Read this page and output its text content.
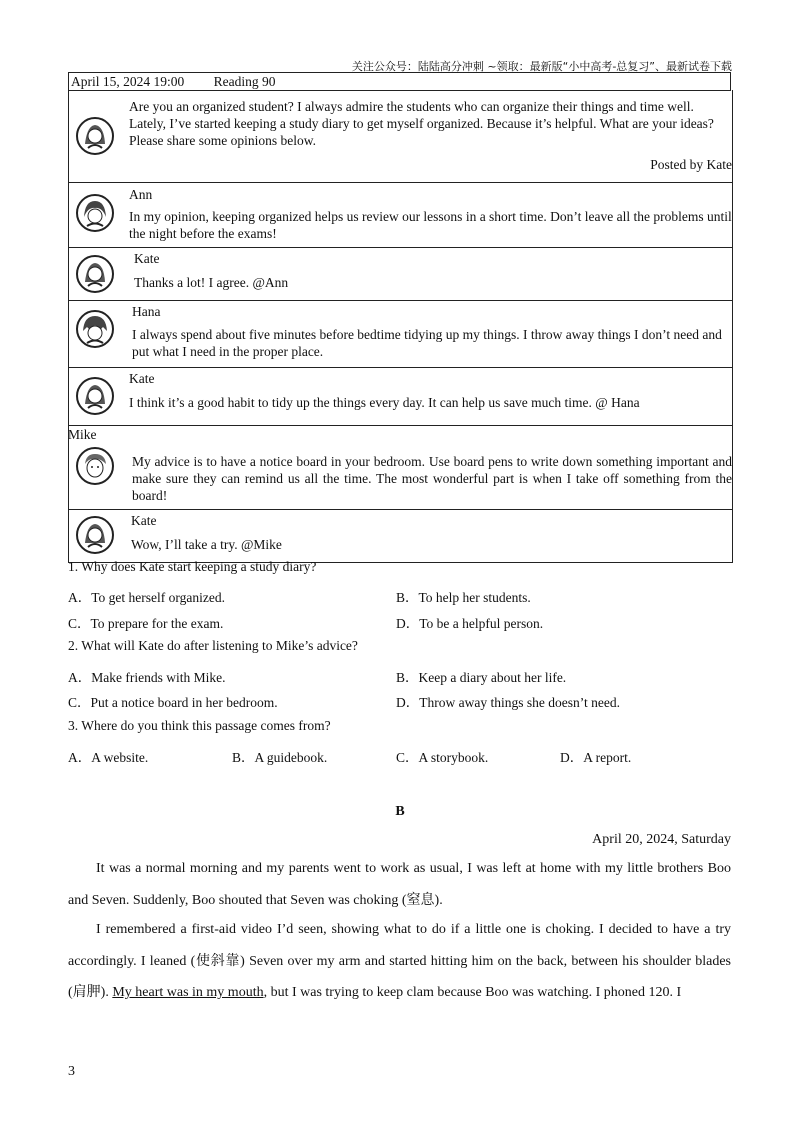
关注公众号：陆陆高分冲刺 ~领取：最新版“小中高考-总复习”、最新试卷下载
April 15, 2024 19:00 Reading 90
Are you an organized student? I always admire the students who can organize their things and time well. Lately, I’ve started keeping a study diary to get myself organized. Because it’s helpful. What are your ideas? Please share some opinions below.
Posted by Kate
Ann
In my opinion, keeping organized helps us review our lessons in a short time. Don’t leave all the problems until the night before the exams!
Kate
Thanks a lot! I agree. @Ann
Hana
I always spend about five minutes before bedtime tidying up my things. I throw away things I don’t need and put what I need in the proper place.
Kate
I think it’s a good habit to tidy up the things every day. It can help us save much time. @ Hana
Mike
My advice is to have a notice board in your bedroom. Use board pens to write down something important and make sure they can remind us all the time. The most wonderful part is when I take off something from the board!
Kate
Wow, I’ll take a try. @Mike
1. Why does Kate start keeping a study diary?
A．To get herself organized.	B．To help her students.
C．To prepare for the exam.	D．To be a helpful person.
2. What will Kate do after listening to Mike’s advice?
A．Make friends with Mike.	B．Keep a diary about her life.
C．Put a notice board in her bedroom.	D．Throw away things she doesn’t need.
3. Where do you think this passage comes from?
A．A website.	B．A guidebook.	C．A storybook.	D．A report.
B
April 20, 2024, Saturday
It was a normal morning and my parents went to work as usual, I was left at home with my little brothers Boo and Seven. Suddenly, Boo shouted that Seven was choking (窒息).
I remembered a first-aid video I’d seen, showing what to do if a little one is choking. I decided to have a try accordingly. I leaned (使斜靠) Seven over my arm and started hitting him on the back, between his shoulder blades (肩胛). My heart was in my mouth, but I was trying to keep clam because Boo was watching. I phoned 120. I
3
